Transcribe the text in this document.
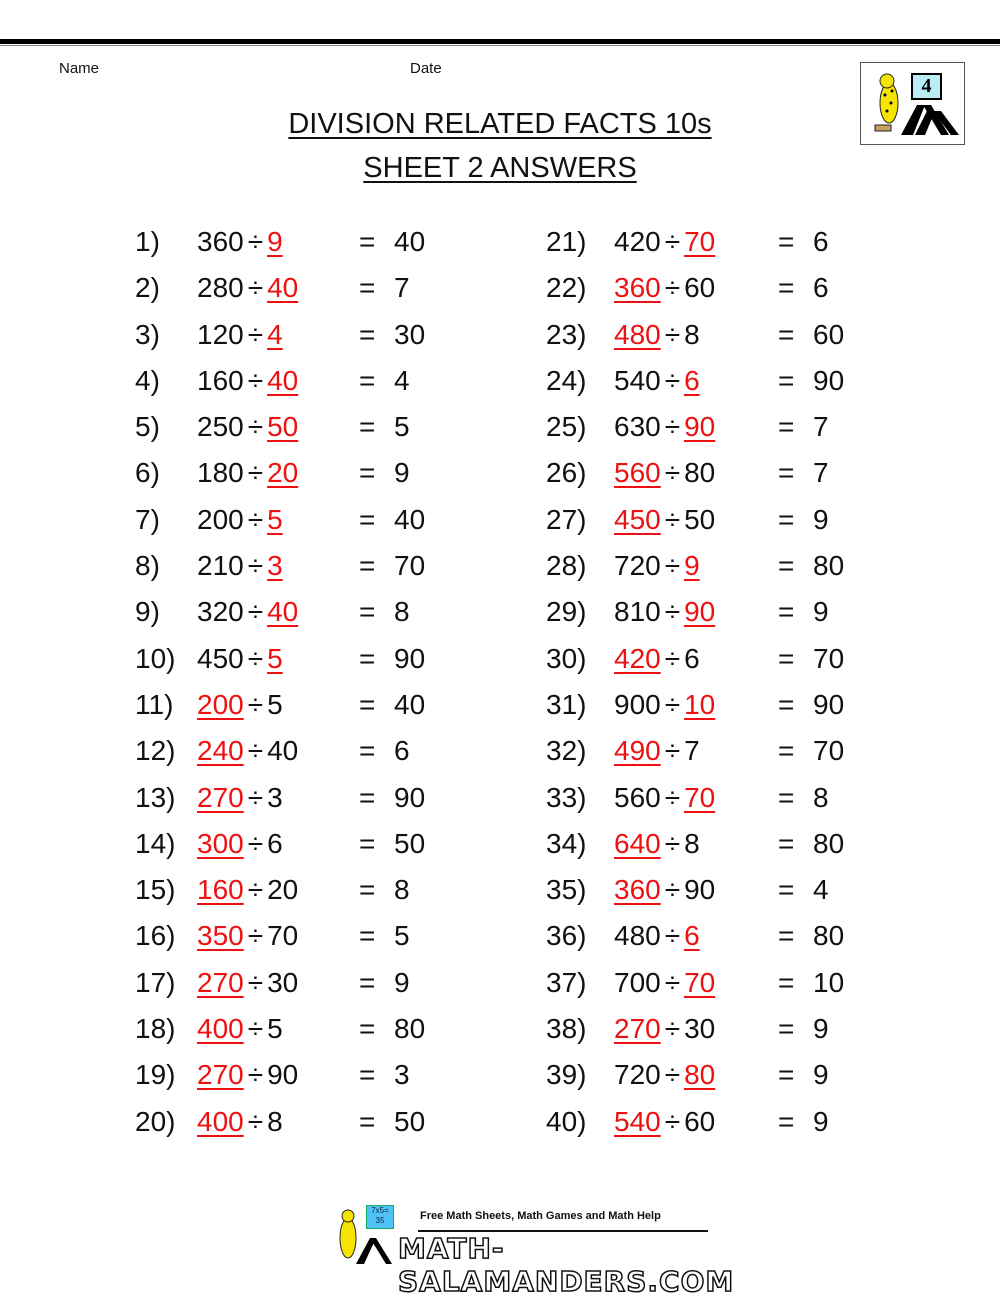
Name	Date
DIVISION RELATED FACTS 10s
SHEET 2 ANSWERS
4
1) 360 ÷ 9	= 40
2) 280 ÷ 40 = 7
3) 120 ÷ 4	= 30
4) 160 ÷ 40 = 4
5) 250 ÷ 50 = 5
6) 180 ÷ 20 = 9
7) 200 ÷ 5	= 40
8) 210 ÷ 3	= 70
9) 320 ÷ 40 = 8
10) 450 ÷ 5	= 90
11) 200 ÷ 5	= 40
12) 240 ÷ 40 = 6
13) 270 ÷ 3	= 90
14) 300 ÷ 6	= 50
15) 160 ÷ 20 = 8
16) 350 ÷ 70 = 5
17) 270 ÷ 30 = 9
18) 400 ÷ 5	= 80
19) 270 ÷ 90 = 3
20) 400 ÷ 8	= 50
21) 420 ÷ 70 = 6
22) 360 ÷ 60 = 6
23) 480 ÷ 8	= 60
24) 540 ÷ 6	= 90
25) 630 ÷ 90 = 7
26) 560 ÷ 80 = 7
27) 450 ÷ 50 = 9
28) 720 ÷ 9	= 80
29) 810 ÷ 90 = 9
30) 420 ÷ 6	= 70
31) 900 ÷ 10 = 90
32) 490 ÷ 7	= 70
33) 560 ÷ 70 = 8
34) 640 ÷ 8	= 80
35) 360 ÷ 90 = 4
36) 480 ÷ 6	= 80
37) 700 ÷ 70 = 10
38) 270 ÷ 30 = 9
39) 720 ÷ 80 = 9
40) 540 ÷ 60 = 9
7x5= 35	Free Math Sheets, Math Games and Math Help
MATH-SALAMANDERS.COM
